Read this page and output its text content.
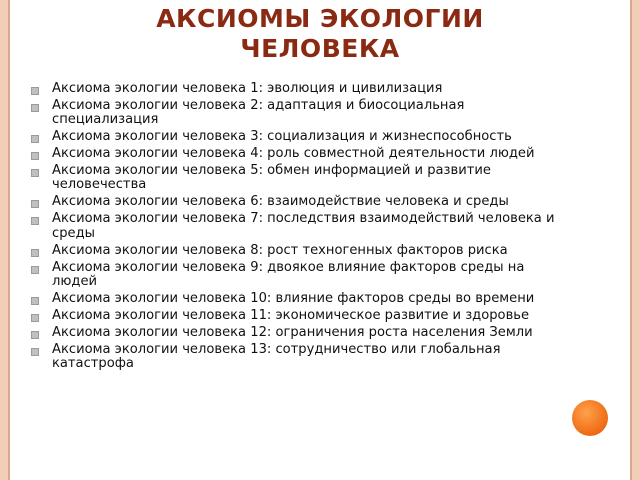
АКСИОМЫ ЭКОЛОГИИ
ЧЕЛОВЕКА
Аксиома экологии человека 1: эволюция и цивилизация
Аксиома экологии человека 2: адаптация и биосоциальная специализация
Аксиома экологии человека 3: социализация и жизнеспособность
Аксиома экологии человека 4: роль совместной деятельности людей
Аксиома экологии человека 5: обмен информацией и развитие человечества
Аксиома экологии человека 6: взаимодействие человека и среды
Аксиома экологии человека 7: последствия взаимодействий человека и среды
Аксиома экологии человека 8: рост техногенных факторов риска
Аксиома экологии человека 9: двоякое влияние факторов среды на людей
Аксиома экологии человека 10: влияние факторов среды во времени
Аксиома экологии человека 11: экономическое развитие и здоровье
Аксиома экологии человека 12: ограничения роста населения Земли
Аксиома экологии человека 13: сотрудничество или глобальная катастрофа
